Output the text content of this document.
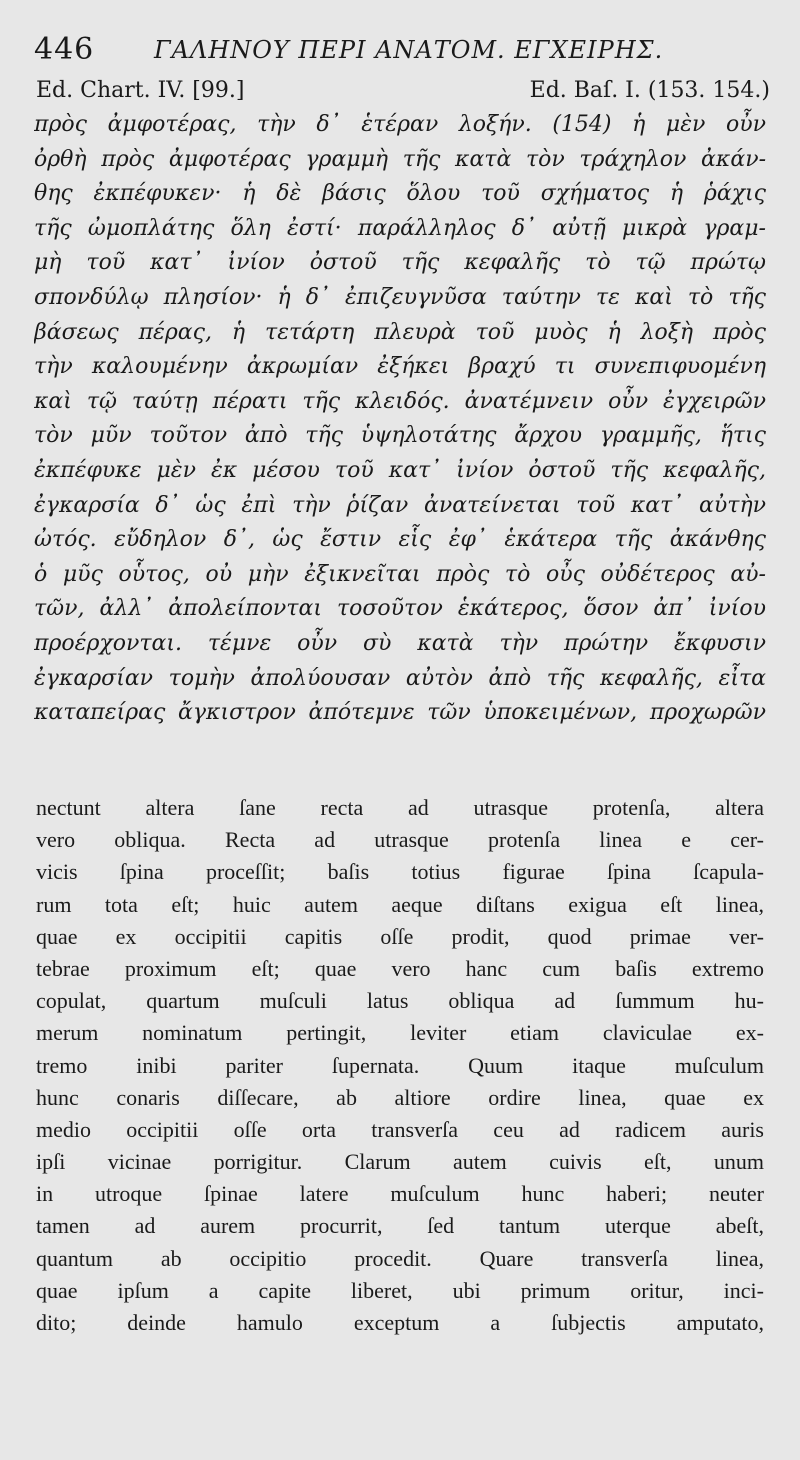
446 ΓΑΛΗΝΟΥ ΠΕΡΙ ΑΝΑΤΟΜ. ΕΓΧΕΙΡΗΣ.
Ed. Chart. IV. [99.]	Ed. Baſ. I. (153. 154.)
πρὸς ἀμφοτέρας, τὴν δ᾽ ἑτέραν λοξήν. (154) ἡ μὲν οὖν
ὀρθὴ πρὸς ἀμφοτέρας γραμμὴ τῆς κατὰ τὸν τράχηλον ἀκάν-
θης ἐκπέφυκεν· ἡ δὲ βάσις ὅλου τοῦ σχήματος ἡ ῥάχις
τῆς ὠμοπλάτης ὅλη ἐστί· παράλληλος δ᾽ αὐτῇ μικρὰ γραμ-
μὴ τοῦ κατ᾽ ἰνίον ὀστοῦ τῆς κεφαλῆς τὸ τῷ πρώτῳ
σπονδύλῳ πλησίον· ἡ δ᾽ ἐπιζευγνῦσα ταύτην τε καὶ τὸ τῆς
βάσεως πέρας, ἡ τετάρτη πλευρὰ τοῦ μυὸς ἡ λοξὴ πρὸς
τὴν καλουμένην ἀκρωμίαν ἐξήκει βραχύ τι συνεπιφυομένη
καὶ τῷ ταύτῃ πέρατι τῆς κλειδός. ἀνατέμνειν οὖν ἐγχειρῶν
τὸν μῦν τοῦτον ἀπὸ τῆς ὑψηλοτάτης ἄρχου γραμμῆς, ἥτις
ἐκπέφυκε μὲν ἐκ μέσου τοῦ κατ᾽ ἰνίον ὀστοῦ τῆς κεφαλῆς,
ἐγκαρσία δ᾽ ὡς ἐπὶ τὴν ῥίζαν ἀνατείνεται τοῦ κατ᾽ αὐτὴν
ὠτός. εὔδηλον δ᾽, ὡς ἔστιν εἷς ἐφ᾽ ἑκάτερα τῆς ἀκάνθης
ὁ μῦς οὗτος, οὐ μὴν ἐξικνεῖται πρὸς τὸ οὖς οὐδέτερος αὐ-
τῶν, ἀλλ᾽ ἀπολείπονται τοσοῦτον ἑκάτερος, ὅσον ἀπ᾽ ἰνίου
προέρχονται. τέμνε οὖν σὺ κατὰ τὴν πρώτην ἔκφυσιν
ἐγκαρσίαν τομὴν ἀπολύουσαν αὐτὸν ἀπὸ τῆς κεφαλῆς, εἶτα
καταπείρας ἄγκιστρον ἀπότεμνε τῶν ὑποκειμένων, προχωρῶν
nectunt altera ſane recta ad utrasque protenſa, altera
vero obliqua. Recta ad utrasque protenſa linea e cer-
vicis ſpina proceſſit; baſis totius figurae ſpina ſcapula-
rum tota eſt; huic autem aeque diſtans exigua eſt linea,
quae ex occipitii capitis oſſe prodit, quod primae ver-
tebrae proximum eſt; quae vero hanc cum baſis extremo
copulat, quartum muſculi latus obliqua ad ſummum hu-
merum nominatum pertingit, leviter etiam claviculae ex-
tremo inibi pariter ſupernata. Quum itaque muſculum
hunc conaris diſſecare, ab altiore ordire linea, quae ex
medio occipitii oſſe orta transverſa ceu ad radicem auris
ipſi vicinae porrigitur. Clarum autem cuivis eſt, unum
in utroque ſpinae latere muſculum hunc haberi; neuter
tamen ad aurem procurrit, ſed tantum uterque abeſt,
quantum ab occipitio procedit. Quare transverſa linea,
quae ipſum a capite liberet, ubi primum oritur, inci-
dito; deinde hamulo exceptum a ſubjectis amputato,
